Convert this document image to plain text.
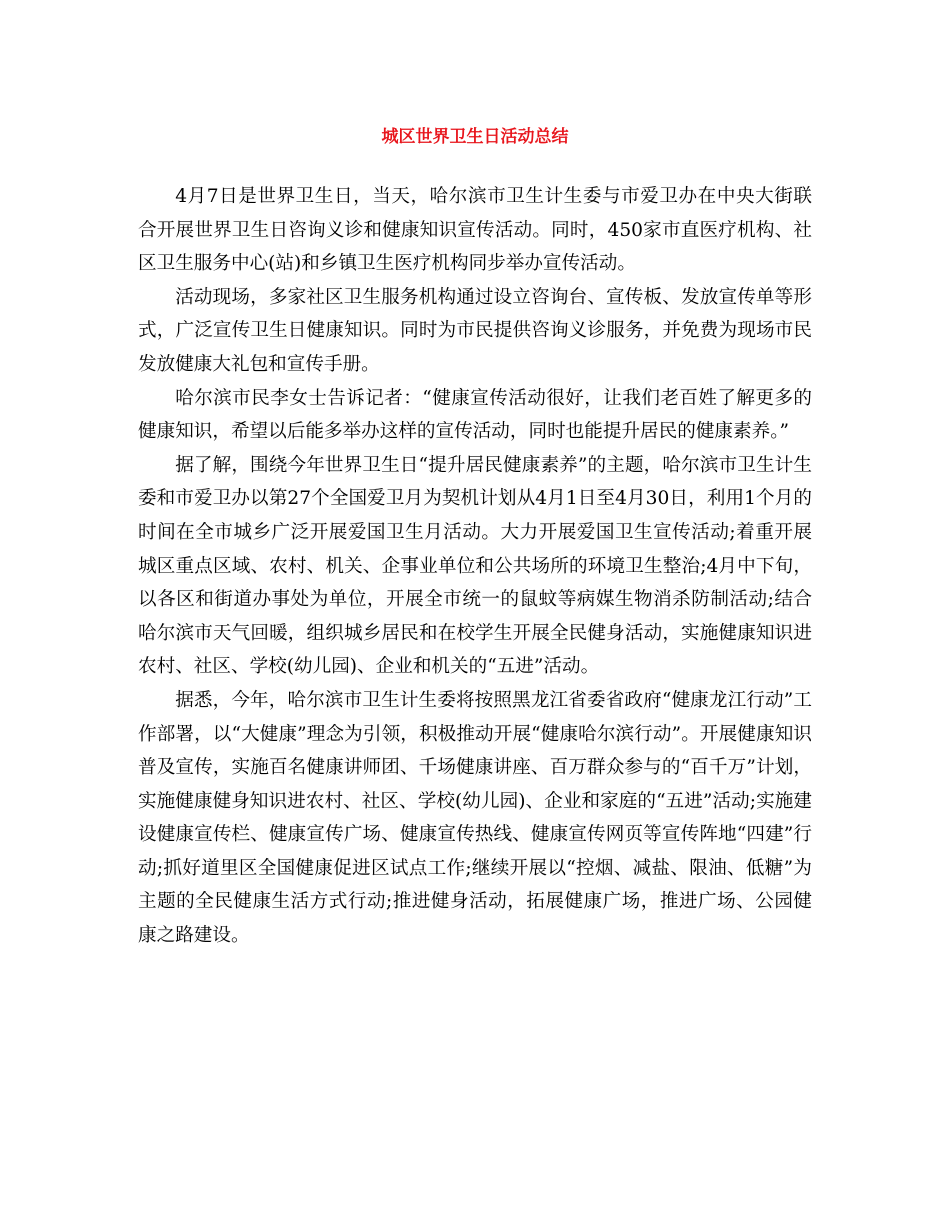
城区世界卫生日活动总结

4月7日是世界卫生日，当天，哈尔滨市卫生计生委与市爱卫办在中央大街联合开展世界卫生日咨询义诊和健康知识宣传活动。同时，450家市直医疗机构、社区卫生服务中心(站)和乡镇卫生医疗机构同步举办宣传活动。

活动现场，多家社区卫生服务机构通过设立咨询台、宣传板、发放宣传单等形式，广泛宣传卫生日健康知识。同时为市民提供咨询义诊服务，并免费为现场市民发放健康大礼包和宣传手册。

哈尔滨市民李女士告诉记者：“健康宣传活动很好，让我们老百姓了解更多的健康知识，希望以后能多举办这样的宣传活动，同时也能提升居民的健康素养。”

据了解，围绕今年世界卫生日“提升居民健康素养”的主题，哈尔滨市卫生计生委和市爱卫办以第27个全国爱卫月为契机计划从4月1日至4月30日，利用1个月的时间在全市城乡广泛开展爱国卫生月活动。大力开展爱国卫生宣传活动;着重开展城区重点区域、农村、机关、企事业单位和公共场所的环境卫生整治;4月中下旬，以各区和街道办事处为单位，开展全市统一的鼠蚊等病媒生物消杀防制活动;结合哈尔滨市天气回暖，组织城乡居民和在校学生开展全民健身活动，实施健康知识进农村、社区、学校(幼儿园)、企业和机关的“五进”活动。

据悉，今年，哈尔滨市卫生计生委将按照黑龙江省委省政府“健康龙江行动”工作部署，以“大健康”理念为引领，积极推动开展“健康哈尔滨行动”。开展健康知识普及宣传，实施百名健康讲师团、千场健康讲座、百万群众参与的“百千万”计划，实施健康健身知识进农村、社区、学校(幼儿园)、企业和家庭的“五进”活动;实施建设健康宣传栏、健康宣传广场、健康宣传热线、健康宣传网页等宣传阵地“四建”行动;抓好道里区全国健康促进区试点工作;继续开展以“控烟、减盐、限油、低糖”为主题的全民健康生活方式行动;推进健身活动，拓展健康广场，推进广场、公园健康之路建设。
